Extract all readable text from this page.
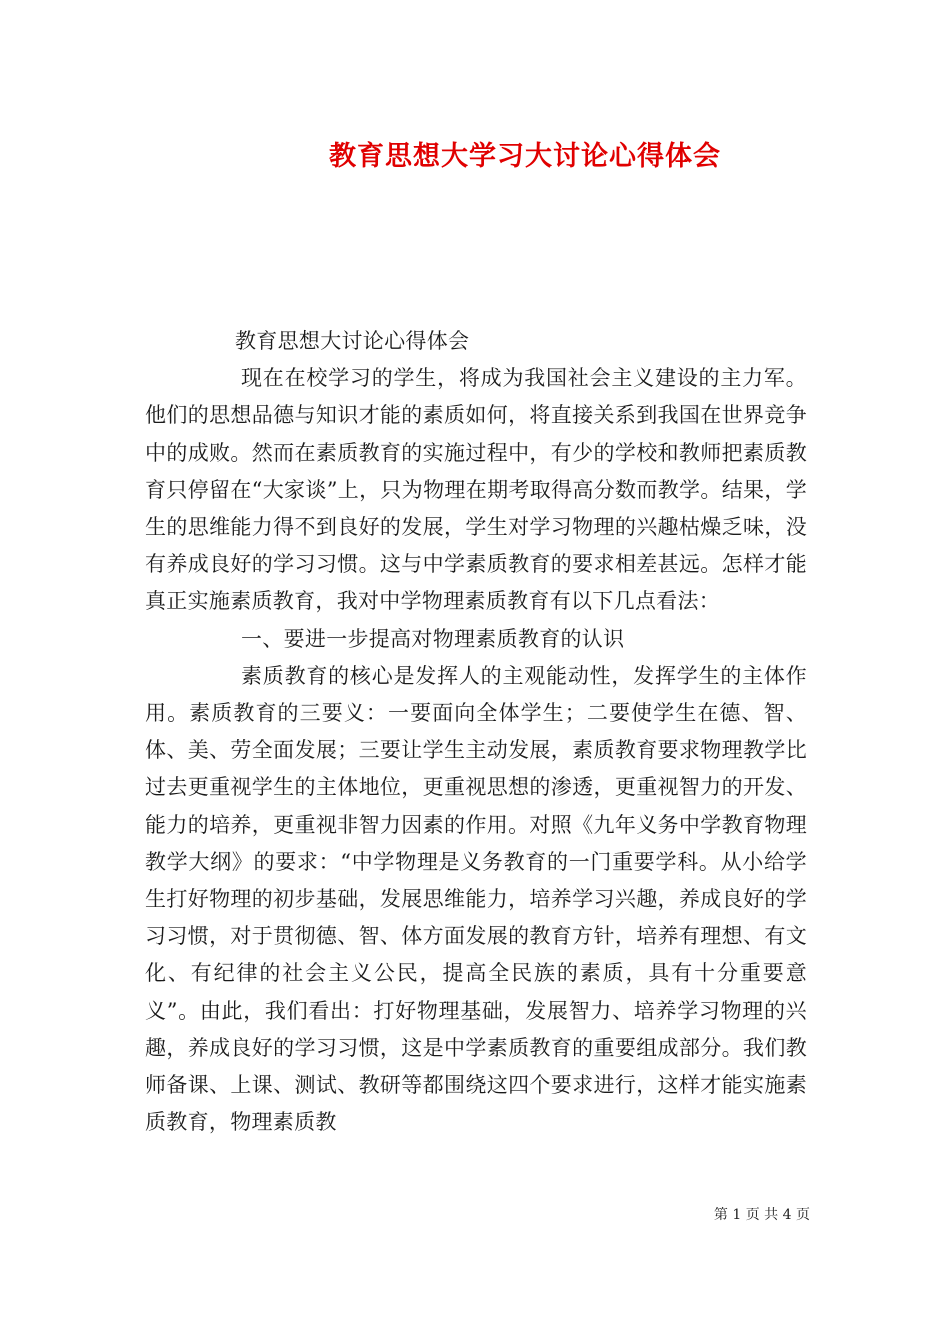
教育思想大学习大讨论心得体会

教育思想大讨论心得体会

现在在校学习的学生，将成为我国社会主义建设的主力军。他们的思想品德与知识才能的素质如何，将直接关系到我国在世界竞争中的成败。然而在素质教育的实施过程中，有少的学校和教师把素质教育只停留在“大家谈”上，只为物理在期考取得高分数而教学。结果，学生的思维能力得不到良好的发展，学生对学习物理的兴趣枯燥乏味，没有养成良好的学习习惯。这与中学素质教育的要求相差甚远。怎样才能真正实施素质教育，我对中学物理素质教育有以下几点看法：

一、要进一步提高对物理素质教育的认识

素质教育的核心是发挥人的主观能动性，发挥学生的主体作用。素质教育的三要义：一要面向全体学生；二要使学生在德、智、体、美、劳全面发展；三要让学生主动发展，素质教育要求物理教学比过去更重视学生的主体地位，更重视思想的渗透，更重视智力的开发、能力的培养，更重视非智力因素的作用。对照《九年义务中学教育物理教学大纲》的要求：“中学物理是义务教育的一门重要学科。从小给学生打好物理的初步基础，发展思维能力，培养学习兴趣，养成良好的学习习惯，对于贯彻德、智、体方面发展的教育方针，培养有理想、有文化、有纪律的社会主义公民，提高全民族的素质，具有十分重要意义”。由此，我们看出：打好物理基础，发展智力、培养学习物理的兴趣，养成良好的学习习惯，这是中学素质教育的重要组成部分。我们教师备课、上课、测试、教研等都围绕这四个要求进行，这样才能实施素质教育，物理素质教

第 1 页 共 4 页
